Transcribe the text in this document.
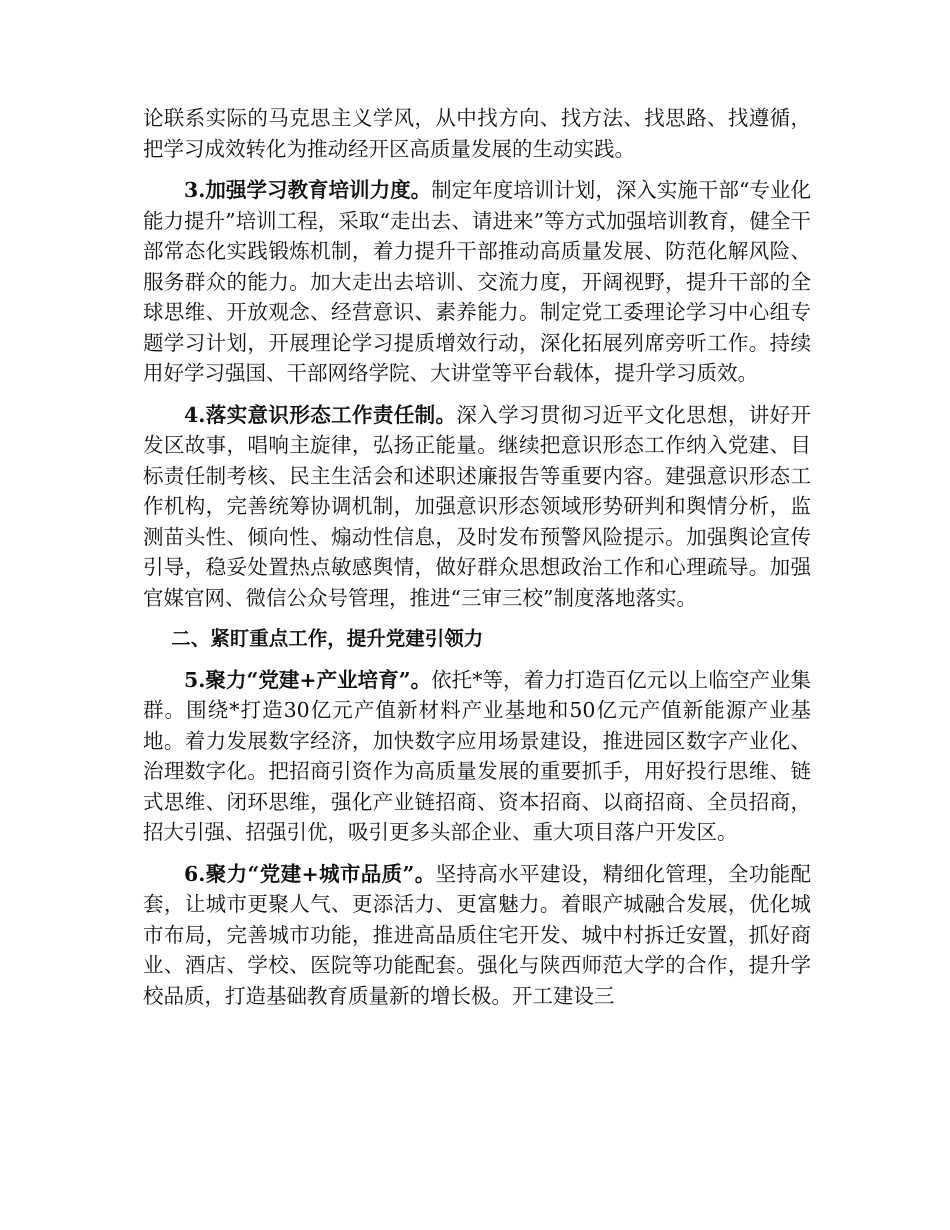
论联系实际的马克思主义学风，从中找方向、找方法、找思路、找遵循，把学习成效转化为推动经开区高质量发展的生动实践。

3.加强学习教育培训力度。制定年度培训计划，深入实施干部“专业化能力提升”培训工程，采取“走出去、请进来”等方式加强培训教育，健全干部常态化实践锻炼机制，着力提升干部推动高质量发展、防范化解风险、服务群众的能力。加大走出去培训、交流力度，开阔视野，提升干部的全球思维、开放观念、经营意识、素养能力。制定党工委理论学习中心组专题学习计划，开展理论学习提质增效行动，深化拓展列席旁听工作。持续用好学习强国、干部网络学院、大讲堂等平台载体，提升学习质效。

4.落实意识形态工作责任制。深入学习贯彻习近平文化思想，讲好开发区故事，唱响主旋律，弘扬正能量。继续把意识形态工作纳入党建、目标责任制考核、民主生活会和述职述廉报告等重要内容。建强意识形态工作机构，完善统筹协调机制，加强意识形态领域形势研判和舆情分析，监测苗头性、倾向性、煽动性信息，及时发布预警风险提示。加强舆论宣传引导，稳妥处置热点敏感舆情，做好群众思想政治工作和心理疏导。加强官媒官网、微信公众号管理，推进“三审三校”制度落地落实。

二、紧盯重点工作，提升党建引领力

5.聚力“党建+产业培育”。依托*等，着力打造百亿元以上临空产业集群。围绕*打造30亿元产值新材料产业基地和50亿元产值新能源产业基地。着力发展数字经济，加快数字应用场景建设，推进园区数字产业化、治理数字化。把招商引资作为高质量发展的重要抓手，用好投行思维、链式思维、闭环思维，强化产业链招商、资本招商、以商招商、全员招商，招大引强、招强引优，吸引更多头部企业、重大项目落户开发区。

6.聚力“党建+城市品质”。坚持高水平建设，精细化管理，全功能配套，让城市更聚人气、更添活力、更富魅力。着眼产城融合发展，优化城市布局，完善城市功能，推进高品质住宅开发、城中村拆迁安置，抓好商业、酒店、学校、医院等功能配套。强化与陕西师范大学的合作，提升学校品质，打造基础教育质量新的增长极。开工建设三
